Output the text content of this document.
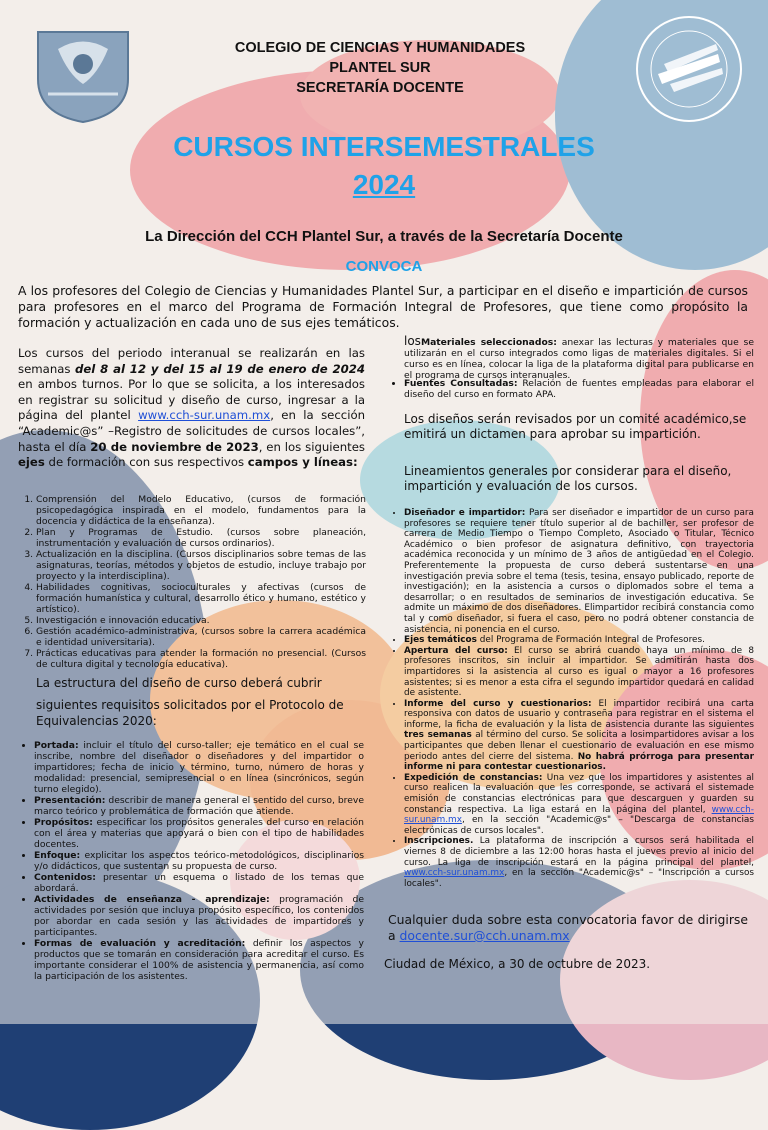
COLEGIO DE CIENCIAS Y HUMANIDADES
PLANTEL SUR
SECRETARÍA DOCENTE
CURSOS INTERSEMESTRALES
2024
La Dirección del CCH Plantel Sur, a través de la Secretaría Docente
CONVOCA
A los profesores del Colegio de Ciencias y Humanidades Plantel Sur, a participar en el diseño e impartición de cursos para profesores en el marco del Programa de Formación Integral de Profesores, que tiene como propósito la formación y actualización en cada uno de sus ejes temáticos.
Los cursos del periodo interanual se realizarán en las semanas del 8 al 12 y del 15 al 19 de enero de 2024 en ambos turnos. Por lo que se solicita, a los interesados en registrar su solicitud y diseño de curso, ingresar a la página del plantel www.cch-sur.unam.mx, en la sección “Academic@s” –Registro de solicitudes de cursos locales”, hasta el día 20 de noviembre de 2023, en los siguientes ejes de formación con sus respectivos campos y líneas:
1. Comprensión del Modelo Educativo, (cursos de formación psicopedagógica inspirada en el modelo, fundamentos para la docencia y didáctica de la enseñanza).
2. Plan y Programas de Estudio. (cursos sobre planeación, instrumentación y evaluación de cursos ordinarios).
3. Actualización en la disciplina. (Cursos disciplinarios sobre temas de las asignaturas, teorías, métodos y objetos de estudio, incluye trabajo por proyecto y la interdisciplina).
4. Habilidades cognitivas, socioculturales y afectivas (cursos de formación humanística y cultural, desarrollo ético y humano, estético y artístico).
5. Investigación e innovación educativa.
6. Gestión académico-administrativa, (cursos sobre la carrera académica e identidad universitaria).
7. Prácticas educativas para atender la formación no presencial. (Cursos de cultura digital y tecnología educativa).
La estructura del diseño de curso deberá cubrir
siguientes requisitos solicitados por el Protocolo de Equivalencias 2020:
• Portada: incluir el título del curso-taller; eje temático en el cual se inscribe, nombre del diseñador o diseñadores y del impartidor o impartidores; fecha de inicio y término, turno, número de horas y modalidad: presencial, semipresencial o en línea (sincrónicos, según turno elegido).
• Presentación: describir de manera general el sentido del curso, breve marco teórico y problemática de formación que atiende.
• Propósitos: especificar los propósitos generales del curso en relación con el área y materias que apoyará o bien con el tipo de habilidades docentes.
• Enfoque: explicitar los aspectos teórico-metodológicos, disciplinarios y/o didácticos, que sustentan su propuesta de curso.
• Contenidos: presentar un esquema o listado de los temas que abordará.
• Actividades de enseñanza - aprendizaje: programación de actividades por sesión que incluya propósito específico, los contenidos por abordar en cada sesión y las actividades de impartidores y participantes.
• Formas de evaluación y acreditación: definir los aspectos y productos que se tomarán en consideración para acreditar el curso. Es importante considerar el 100% de asistencia y permanencia, así como la participación de los asistentes.
losMateriales seleccionados: anexar las lecturas y materiales que se utilizarán en el curso integrados como ligas de materiales digitales. Si el curso es en línea, colocar la liga de la plataforma digital para publicarse en el programa de cursos interanuales.
• Fuentes Consultadas: Relación de fuentes empleadas para elaborar el diseño del curso en formato APA.
Los diseños serán revisados por un comité académico,se emitirá un dictamen para aprobar su impartición.
Lineamientos generales por considerar para el diseño, impartición y evaluación de los cursos.
• Diseñador e impartidor: Para ser diseñador e impartidor de un curso para profesores se requiere tener título superior al de bachiller, ser profesor de carrera de Medio Tiempo o Tiempo Completo, Asociado o Titular, Técnico Académico o bien profesor de asignatura definitivo, con trayectoria académica reconocida y un mínimo de 3 años de antigüedad en el Colegio. Preferentemente la propuesta de curso deberá sustentarse en una investigación previa sobre el tema (tesis, tesina, ensayo publicado, reporte de investigación); en la asistencia a cursos o diplomados sobre el tema a desarrollar; o en resultados de seminarios de investigación educativa. Se admite un máximo de dos diseñadores. Elimpartidor recibirá constancia como tal y como diseñador, si fuera el caso, pero no podrá obtener constancia de asistencia, ni ponencia en el curso.
• Ejes temáticos del Programa de Formación Integral de Profesores.
• Apertura del curso: El curso se abrirá cuando haya un mínimo de 8 profesores inscritos, sin incluir al impartidor. Se admitirán hasta dos impartidores si la asistencia al curso es igual o mayor a 16 profesores asistentes; si es menor a esta cifra el segundo impartidor quedará en calidad de asistente.
• Informe del curso y cuestionarios: El impartidor recibirá una carta responsiva con datos de usuario y contraseña para registrar en el sistema el informe, la ficha de evaluación y la lista de asistencia durante las siguientes tres semanas al término del curso. Se solicita a losimpartidores avisar a los participantes que deben llenar el cuestionario de evaluación en ese mismo periodo antes del cierre del sistema. No habrá prórroga para presentar informe ni para contestar cuestionarios.
• Expedición de constancias: Una vez que los impartidores y asistentes al curso realicen la evaluación que les corresponde, se activará el sistemade emisión de constancias electrónicas para que descarguen y guarden su constancia respectiva. La liga estará en la página del plantel, www.cch-sur.unam.mx, en la sección "Academic@s" – "Descarga de constancias electrónicas de cursos locales".
• Inscripciones. La plataforma de inscripción a cursos será habilitada el viernes 8 de diciembre a las 12:00 horas hasta el jueves previo al inicio del curso. La liga de inscripción estará en la página principal del plantel, www.cch-sur.unam.mx, en la sección "Academic@s" – "Inscripción a cursos locales".
Cualquier duda sobre esta convocatoria favor de dirigirse a docente.sur@cch.unam.mx
Ciudad de México, a 30 de octubre de 2023.
